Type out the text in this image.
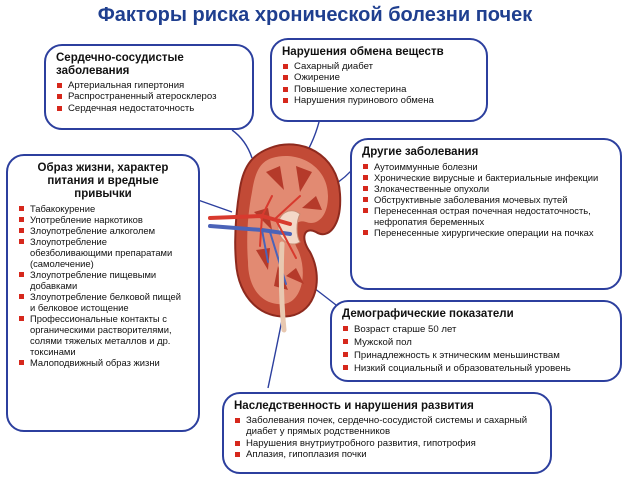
Факторы риска хронической болезни почек
Сердечно-сосудистые заболевания
Артериальная гипертония
Распространенный атеросклероз
Сердечная недостаточность
Нарушения обмена веществ
Сахарный диабет
Ожирение
Повышение холестерина
Нарушения пуринового обмена
Образ жизни, характер питания и вредные привычки
Табакокурение
Употребление наркотиков
Злоупотребление алкоголем
Злоупотребление обезболивающими препаратами (самолечение)
Злоупотребление пищевыми добавками
Злоупотребление белковой пищей и белковое истощение
Профессиональные контакты с органическими растворителями, солями тяжелых металлов и др. токсинами
Малоподвижный образ жизни
Другие заболевания
Аутоиммунные болезни
Хронические вирусные и бактериальные инфекции
Злокачественные опухоли
Обструктивные заболевания мочевых путей
Перенесенная острая почечная недостаточность, нефропатия беременных
Перенесенные хирургические операции на почках
Демографические показатели
Возраст старше 50 лет
Мужской пол
Принадлежность к этническим меньшинствам
Низкий социальный и образовательный уровень
Наследственность и нарушения развития
Заболевания почек, сердечно-сосудистой системы и сахарный диабет у прямых родственников
Нарушения внутриутробного развития, гипотрофия
Аплазия, гипоплазия почки
